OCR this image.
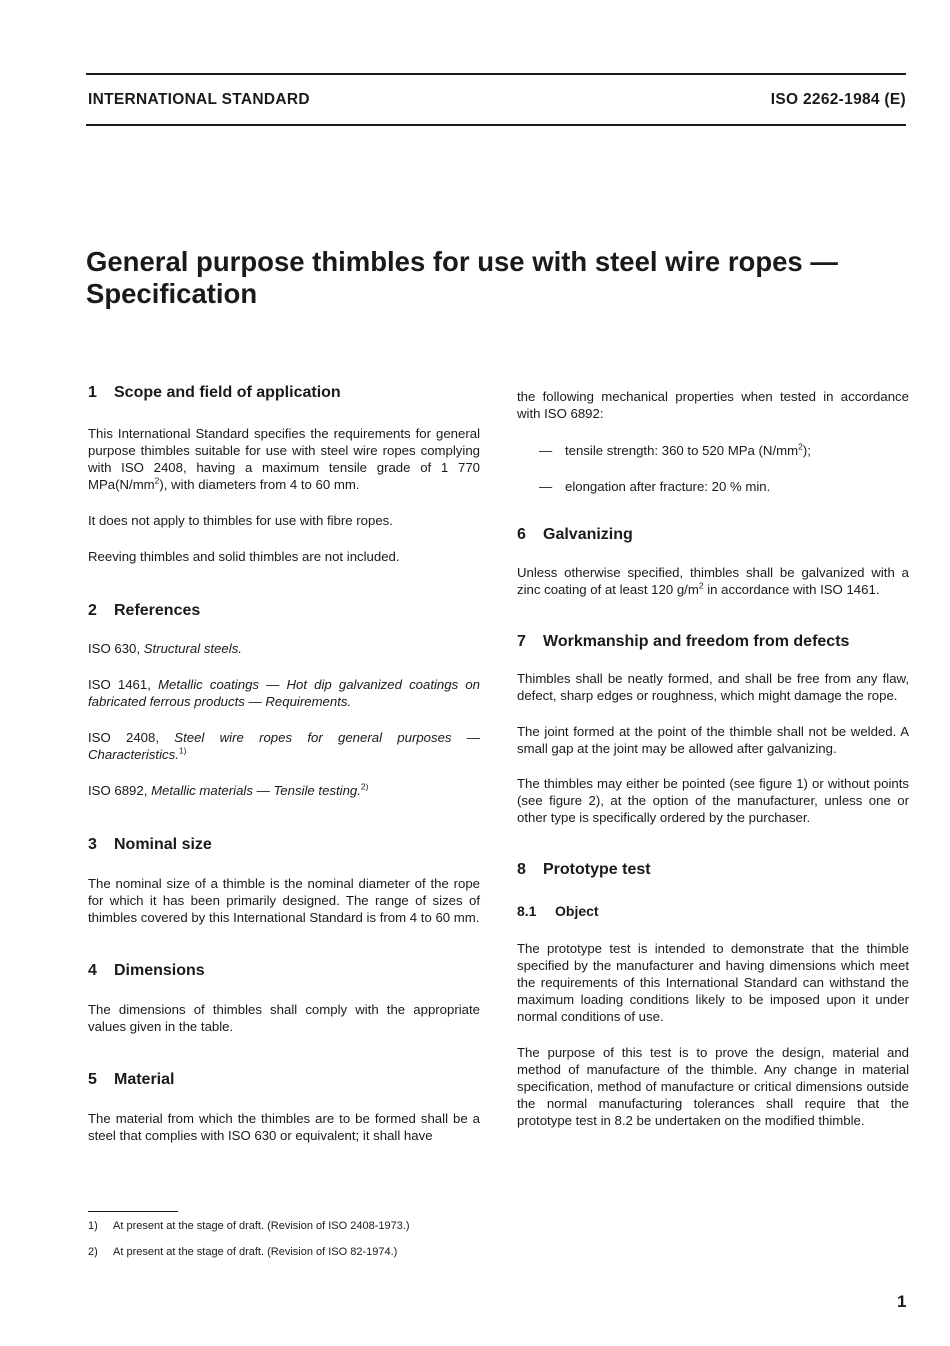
INTERNATIONAL STANDARD	ISO 2262-1984 (E)
General purpose thimbles for use with steel wire ropes —
Specification
1 Scope and field of application

This International Standard specifies the requirements for general purpose thimbles suitable for use with steel wire ropes complying with ISO 2408, having a maximum tensile grade of 1 770 $MPa(N/mm^2)$, with diameters from 4 to 60 mm.

It does not apply to thimbles for use with fibre ropes.

Reeving thimbles and solid thimbles are not included.

2 References

ISO 630, Structural steels.

ISO 1461, Metallic coatings — Hot dip galvanized coatings on fabricated ferrous products — Requirements.

ISO 2408, Steel wire ropes for general purposes — Characteristics.$^{1)}$

ISO 6892, Metallic materials — Tensile testing.$^{2)}$

3 Nominal size

The nominal size of a thimble is the nominal diameter of the rope for which it has been primarily designed. The range of sizes of thimbles covered by this International Standard is from 4 to 60 mm.

4 Dimensions

The dimensions of thimbles shall comply with the appropriate values given in the table.

5 Material

The material from which the thimbles are to be formed shall be a steel that complies with ISO 630 or equivalent; it shall have

the following mechanical properties when tested in accordance with ISO 6892:

— tensile strength: 360 to 520 MPa $(N/mm^2)$;
— elongation after fracture: 20 % min.
6 Galvanizing

Unless otherwise specified, thimbles shall be galvanized with a zinc coating of at least 120 $g/m^2$ in accordance with ISO 1461.

7 Workmanship and freedom from defects

Thimbles shall be neatly formed, and shall be free from any flaw, defect, sharp edges or roughness, which might damage the rope.

The joint formed at the point of the thimble shall not be welded. A small gap at the joint may be allowed after galvanizing.

The thimbles may either be pointed (see figure 1) or without points (see figure 2), at the option of the manufacturer, unless one or other type is specifically ordered by the purchaser.

8 Prototype test
8.1 Object

The prototype test is intended to demonstrate that the thimble specified by the manufacturer and having dimensions which meet the requirements of this International Standard can withstand the maximum loading conditions likely to be imposed upon it under normal conditions of use.

The purpose of this test is to prove the design, material and method of manufacture of the thimble. Any change in material specification, method of manufacture or critical dimensions outside the normal manufacturing tolerances shall require that the prototype test in 8.2 be undertaken on the modified thimble.

1) At present at the stage of draft. (Revision of ISO 2408-1973.)
2) At present at the stage of draft. (Revision of ISO 82-1974.)
1
